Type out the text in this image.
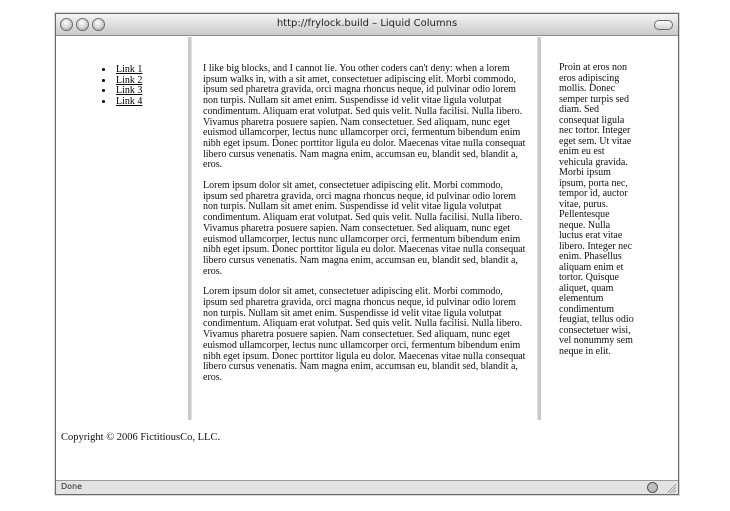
http://frylock.build – Liquid Columns
• Link 1
• Link 2
• Link 3
• Link 4

I like big blocks, and I cannot lie. You other coders can't deny: when a lorem ipsum walks in, with a sit amet, consectetuer adipiscing elit. Morbi commodo, ipsum sed pharetra gravida, orci magna rhoncus neque, id pulvinar odio lorem non turpis. Nullam sit amet enim. Suspendisse id velit vitae ligula volutpat condimentum. Aliquam erat volutpat. Sed quis velit. Nulla facilisi. Nulla libero. Vivamus pharetra posuere sapien. Nam consectetuer. Sed aliquam, nunc eget euismod ullamcorper, lectus nunc ullamcorper orci, fermentum bibendum enim nibh eget ipsum. Donec porttitor ligula eu dolor. Maecenas vitae nulla consequat libero cursus venenatis. Nam magna enim, accumsan eu, blandit sed, blandit a, eros.

Lorem ipsum dolor sit amet, consectetuer adipiscing elit. Morbi commodo, ipsum sed pharetra gravida, orci magna rhoncus neque, id pulvinar odio lorem non turpis. Nullam sit amet enim. Suspendisse id velit vitae ligula volutpat condimentum. Aliquam erat volutpat. Sed quis velit. Nulla facilisi. Nulla libero. Vivamus pharetra posuere sapien. Nam consectetuer. Sed aliquam, nunc eget euismod ullamcorper, lectus nunc ullamcorper orci, fermentum bibendum enim nibh eget ipsum. Donec porttitor ligula eu dolor. Maecenas vitae nulla consequat libero cursus venenatis. Nam magna enim, accumsan eu, blandit sed, blandit a, eros.

Lorem ipsum dolor sit amet, consectetuer adipiscing elit. Morbi commodo, ipsum sed pharetra gravida, orci magna rhoncus neque, id pulvinar odio lorem non turpis. Nullam sit amet enim. Suspendisse id velit vitae ligula volutpat condimentum. Aliquam erat volutpat. Sed quis velit. Nulla facilisi. Nulla libero. Vivamus pharetra posuere sapien. Nam consectetuer. Sed aliquam, nunc eget euismod ullamcorper, lectus nunc ullamcorper orci, fermentum bibendum enim nibh eget ipsum. Donec porttitor ligula eu dolor. Maecenas vitae nulla consequat libero cursus venenatis. Nam magna enim, accumsan eu, blandit sed, blandit a, eros.

Proin at eros non eros adipiscing mollis. Donec semper turpis sed diam. Sed consequat ligula nec tortor. Integer eget sem. Ut vitae enim eu est vehicula gravida. Morbi ipsum ipsum, porta nec, tempor id, auctor vitae, purus. Pellentesque neque. Nulla luctus erat vitae libero. Integer nec enim. Phasellus aliquam enim et tortor. Quisque aliquet, quam elementum condimentum feugiat, tellus odio consectetuer wisi, vel nonummy sem neque in elit.
Copyright © 2006 FictitiousCo, LLC.
Done
